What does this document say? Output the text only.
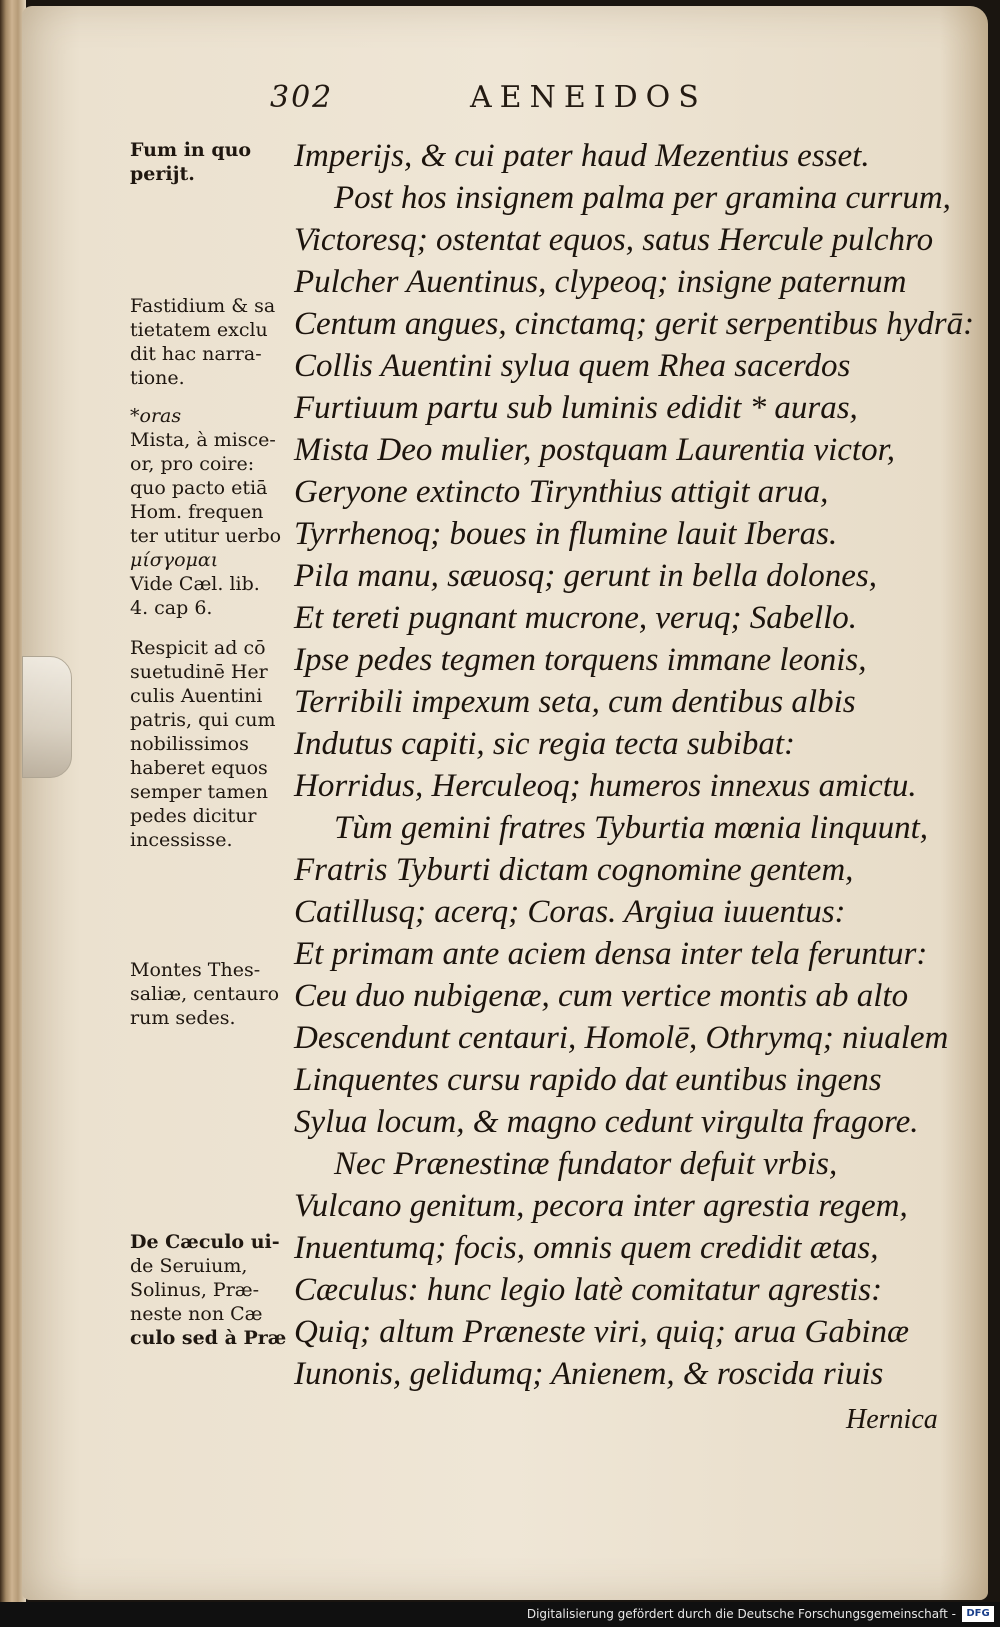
302	AENEIDOS
Fum in quo
perijt.
Fastidium & sa
tietatem exclu
dit hac narra-
tione.
*oras
Mista, à misce-
or, pro coire:
quo pacto etiā
Hom. frequen
ter utitur uerbo
μίσγομαι
Vide Cæl. lib.
4. cap 6.
Respicit ad cō
suetudinē Her
culis Auentini
patris, qui cum
nobilissimos
haberet equos
semper tamen
pedes dicitur
incessisse.
Montes Thes-
saliæ, centauro
rum sedes.
De Cæculo ui-
de Seruium,
Solinus, Præ-
neste non Cæ
culo sed à Præ
Imperijs, & cui pater haud Mezentius esset.
Post hos insignem palma per gramina currum,
Victoresq; ostentat equos, satus Hercule pulchro
Pulcher Auentinus, clypeoq; insigne paternum
Centum angues, cinctamq; gerit serpentibus hydrā:
Collis Auentini sylua quem Rhea sacerdos
Furtiuum partu sub luminis edidit * auras,
Mista Deo mulier, postquam Laurentia victor,
Geryone extincto Tirynthius attigit arua,
Tyrrhenoq; boues in flumine lauit Iberas.
Pila manu, sæuosq; gerunt in bella dolones,
Et tereti pugnant mucrone, veruq; Sabello.
Ipse pedes tegmen torquens immane leonis,
Terribili impexum seta, cum dentibus albis
Indutus capiti, sic regia tecta subibat:
Horridus, Herculeoq; humeros innexus amictu.
Tùm gemini fratres Tyburtia mœnia linquunt,
Fratris Tyburti dictam cognomine gentem,
Catillusq; acerq; Coras. Argiua iuuentus:
Et primam ante aciem densa inter tela feruntur:
Ceu duo nubigenæ, cum vertice montis ab alto
Descendunt centauri, Homolē, Othrymq; niualem
Linquentes cursu rapido dat euntibus ingens
Sylua locum, & magno cedunt virgulta fragore.
Nec Prænestinæ fundator defuit vrbis,
Vulcano genitum, pecora inter agrestia regem,
Inuentumq; focis, omnis quem credidit ætas,
Cæculus: hunc legio latè comitatur agrestis:
Quiq; altum Præneste viri, quiq; arua Gabinæ
Iunonis, gelidumq; Anienem, & roscida riuis
Hernica
Digitalisierung gefördert durch die Deutsche Forschungsgemeinschaft -	DFG
